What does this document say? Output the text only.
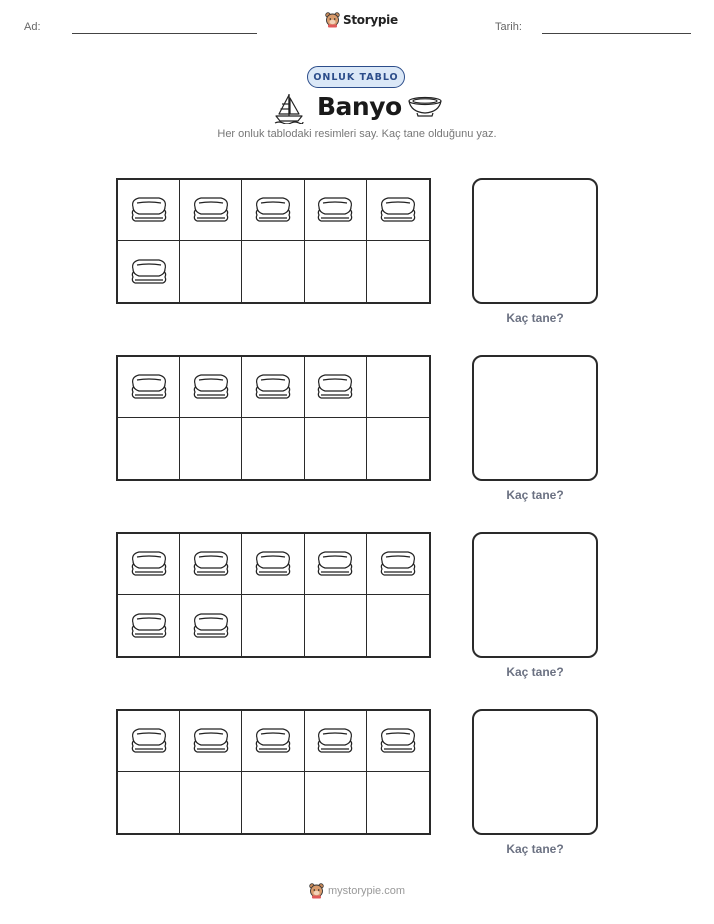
Ad:	Storypie	Tarih:
ONLUK TABLO
Banyo
Her onluk tablodaki resimleri say. Kaç tane olduğunu yaz.
Kaç tane?
Kaç tane?
Kaç tane?
Kaç tane?
mystorypie.com
